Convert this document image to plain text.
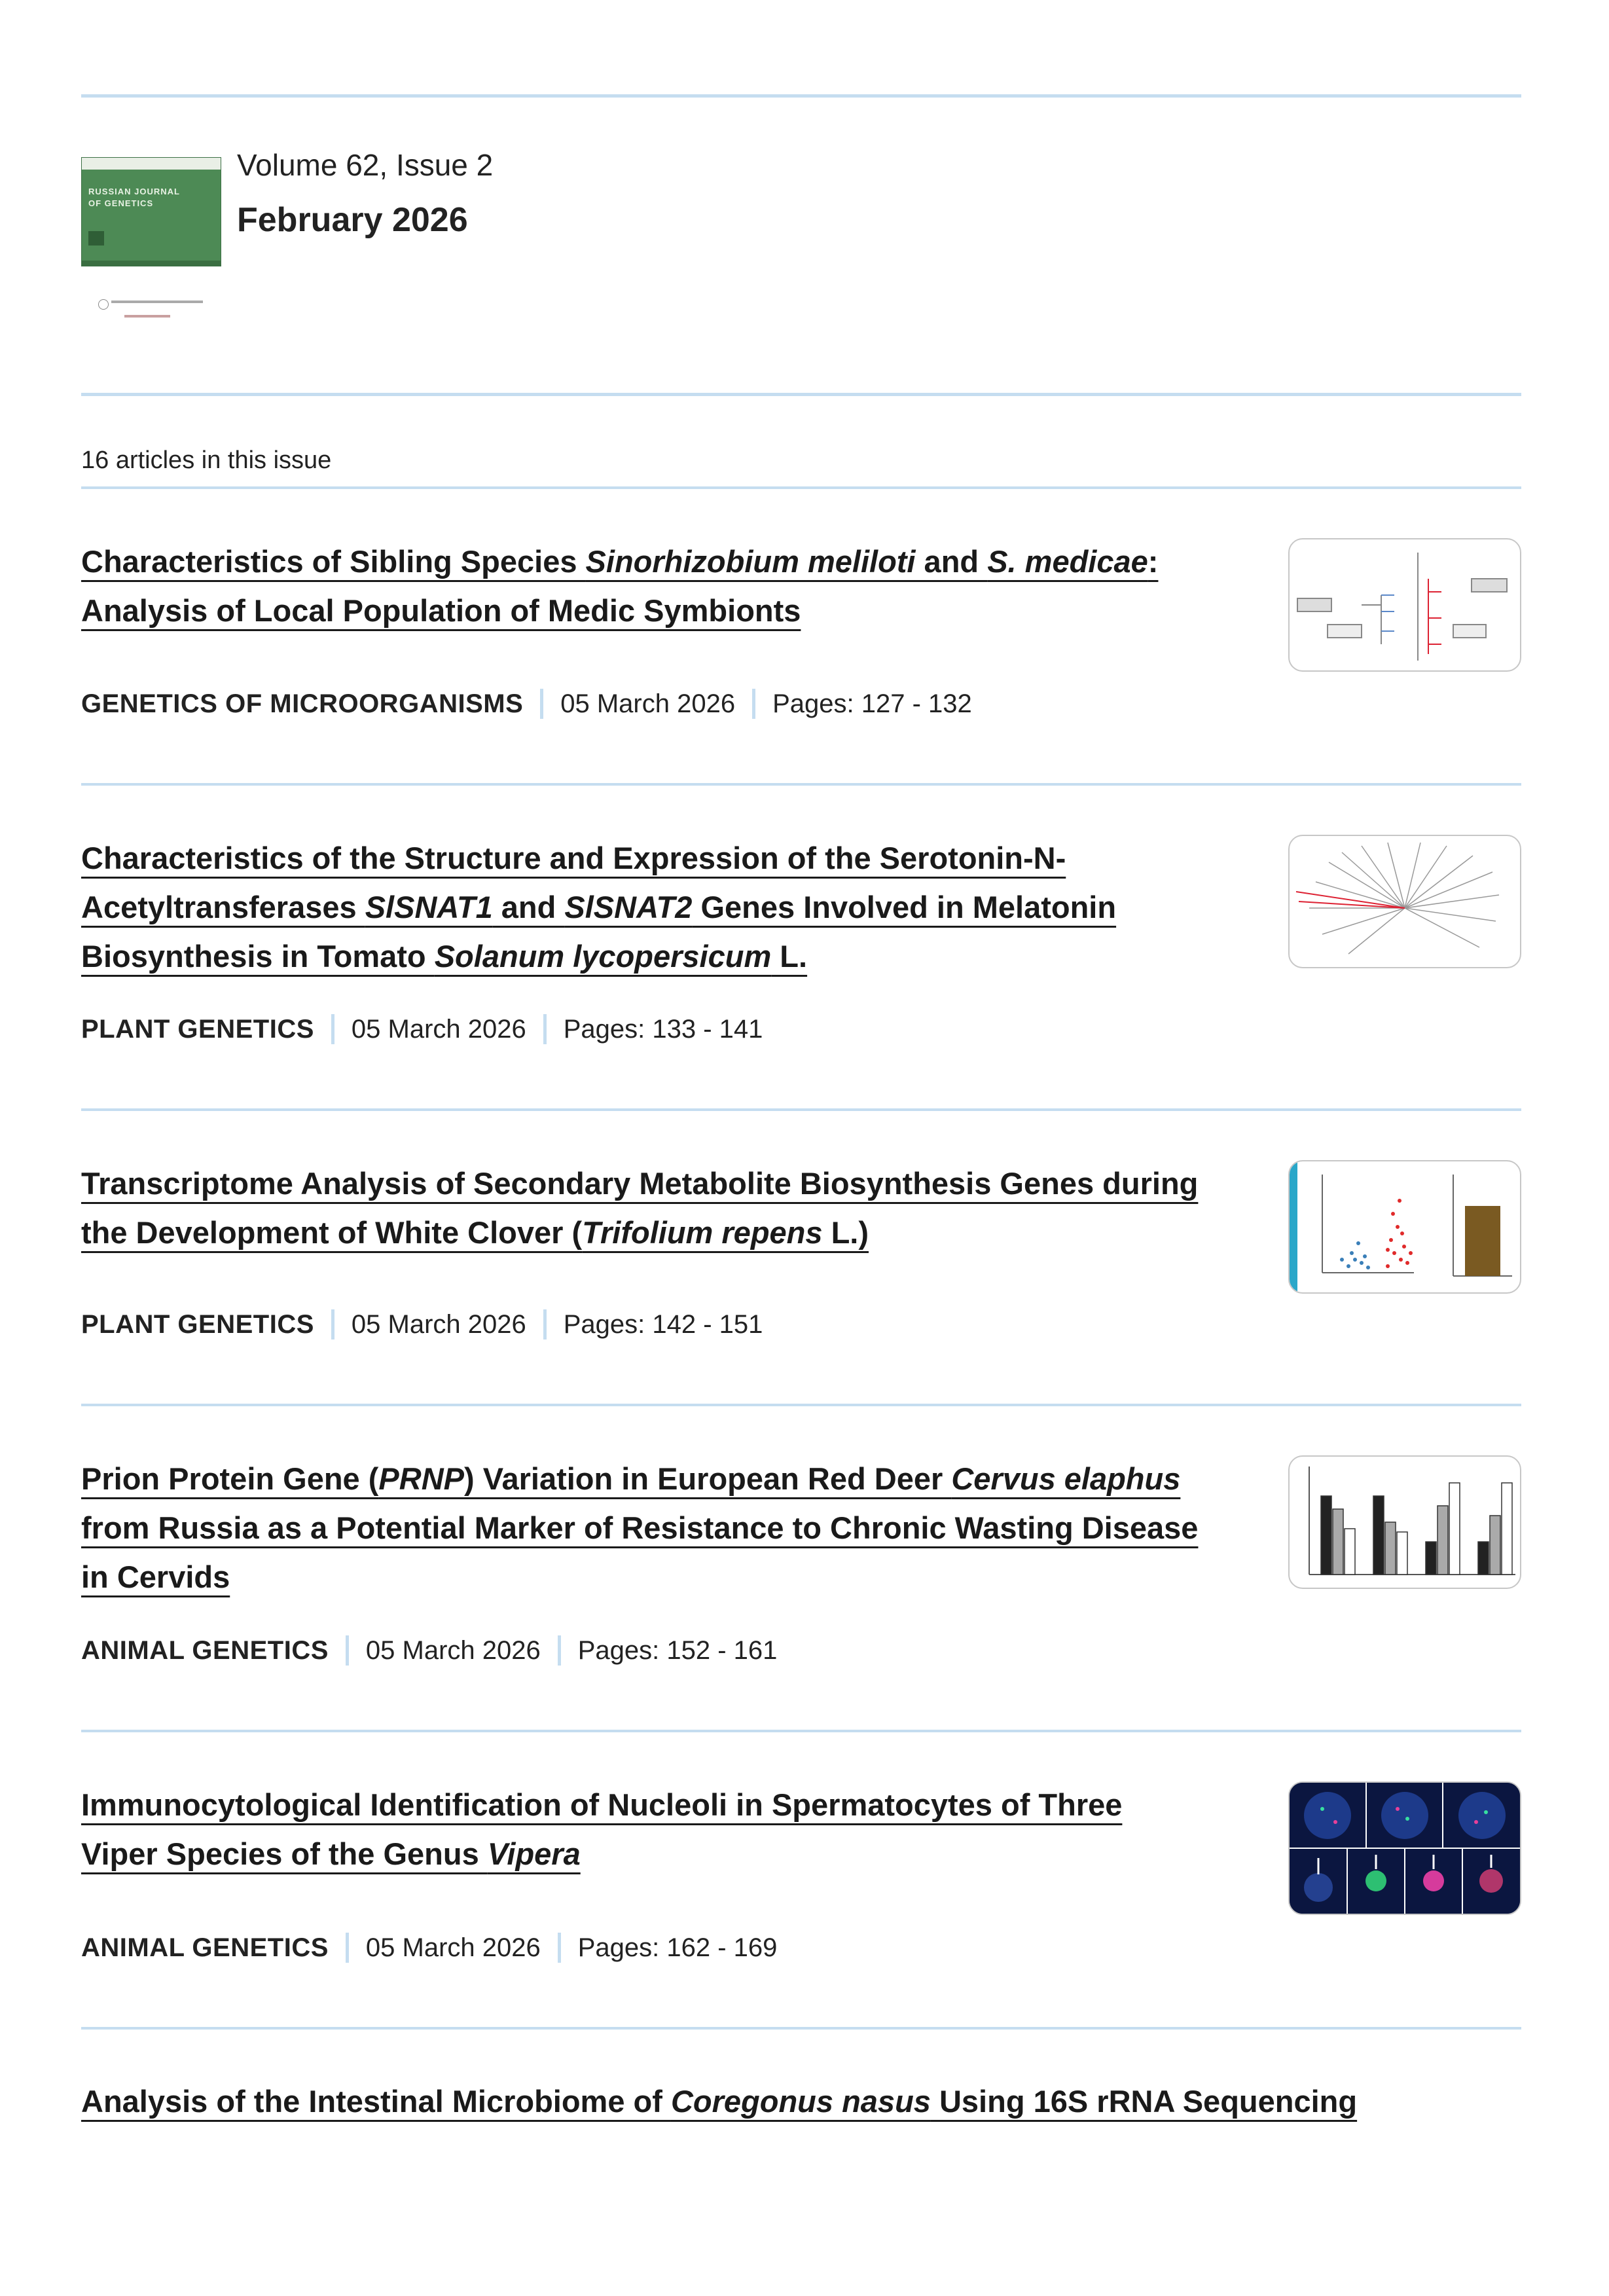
RUSSIAN JOURNAL
OF GENETICS
Volume 62, Issue 2
February 2026
16 articles in this issue
Characteristics of Sibling Species Sinorhizobium meliloti and S. medicae: Analysis of Local Population of Medic Symbionts
GENETICS OF MICROORGANISMS 05 March 2026 Pages: 127 - 132
Characteristics of the Structure and Expression of the Serotonin-N-Acetyltransferases SlSNAT1 and SlSNAT2 Genes Involved in Melatonin Biosynthesis in Tomato Solanum lycopersicum L.
PLANT GENETICS 05 March 2026 Pages: 133 - 141
Transcriptome Analysis of Secondary Metabolite Biosynthesis Genes during the Development of White Clover (Trifolium repens L.)
PLANT GENETICS 05 March 2026 Pages: 142 - 151
Prion Protein Gene (PRNP) Variation in European Red Deer Cervus elaphus from Russia as a Potential Marker of Resistance to Chronic Wasting Disease in Cervids
ANIMAL GENETICS 05 March 2026 Pages: 152 - 161
Immunocytological Identification of Nucleoli in Spermatocytes of Three Viper Species of the Genus Vipera
ANIMAL GENETICS 05 March 2026 Pages: 162 - 169
Analysis of the Intestinal Microbiome of Coregonus nasus Using 16S rRNA Sequencing
